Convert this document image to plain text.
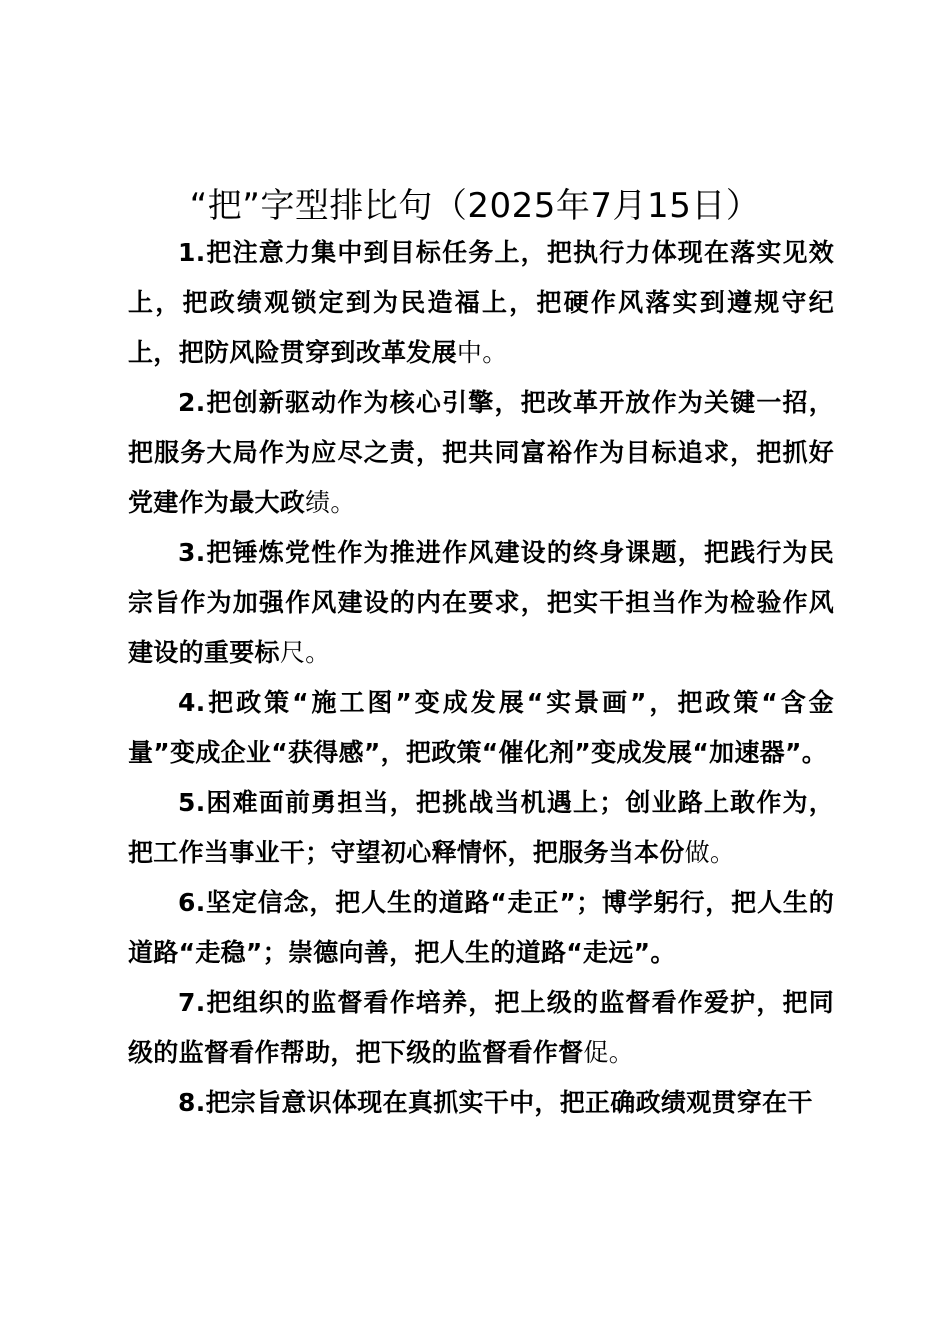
“把”字型排比句（2025年7月15日）

1.把注意力集中到目标任务上，把执行力体现在落实见效上，把政绩观锁定到为民造福上，把硬作风落实到遵规守纪上，把防风险贯穿到改革发展中。

2.把创新驱动作为核心引擎，把改革开放作为关键一招，把服务大局作为应尽之责，把共同富裕作为目标追求，把抓好党建作为最大政绩。

3.把锤炼党性作为推进作风建设的终身课题，把践行为民宗旨作为加强作风建设的内在要求，把实干担当作为检验作风建设的重要标尺。

4.把政策“施工图”变成发展“实景画”，把政策“含金量”变成企业“获得感”，把政策“催化剂”变成发展“加速器”。

5.困难面前勇担当，把挑战当机遇上；创业路上敢作为，把工作当事业干；守望初心释情怀，把服务当本份做。

6.坚定信念，把人生的道路“走正”；博学躬行，把人生的道路“走稳”；崇德向善，把人生的道路“走远”。

7.把组织的监督看作培养，把上级的监督看作爱护，把同级的监督看作帮助，把下级的监督看作督促。

8.把宗旨意识体现在真抓实干中，把正确政绩观贯穿在干
